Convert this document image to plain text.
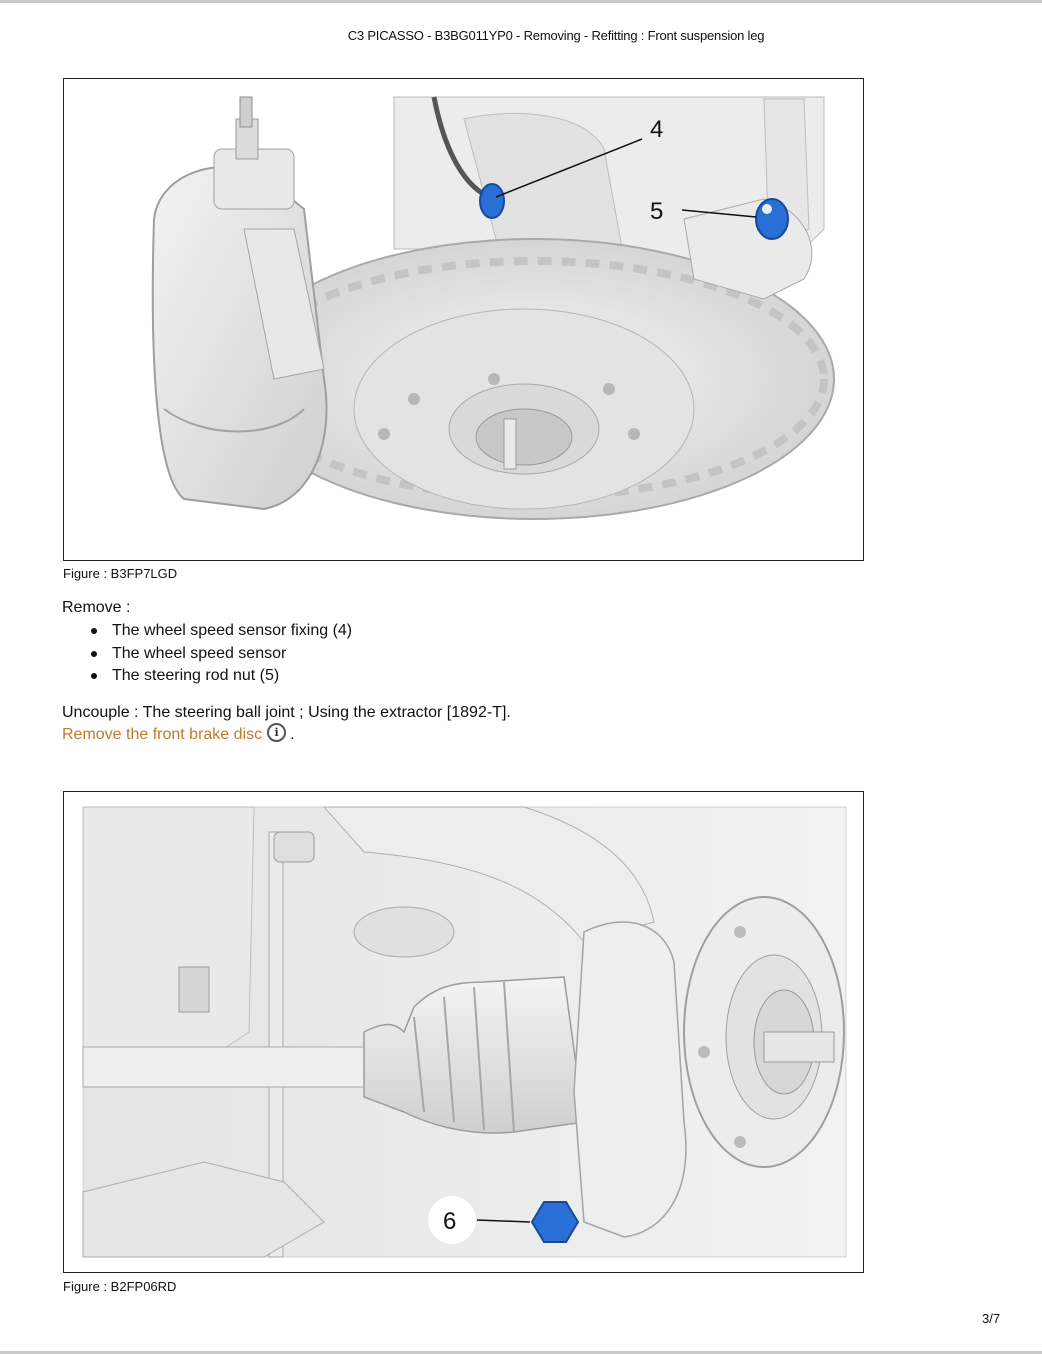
C3 PICASSO - B3BG011YP0 - Removing - Refitting : Front suspension leg
4
5
Figure : B3FP7LGD
Remove :
The wheel speed sensor fixing (4)
The wheel speed sensor
The steering rod nut (5)
Uncouple : The steering ball joint ; Using the extractor [1892-T].
Remove the front brake disc	i .
6
Figure : B2FP06RD
3/7
